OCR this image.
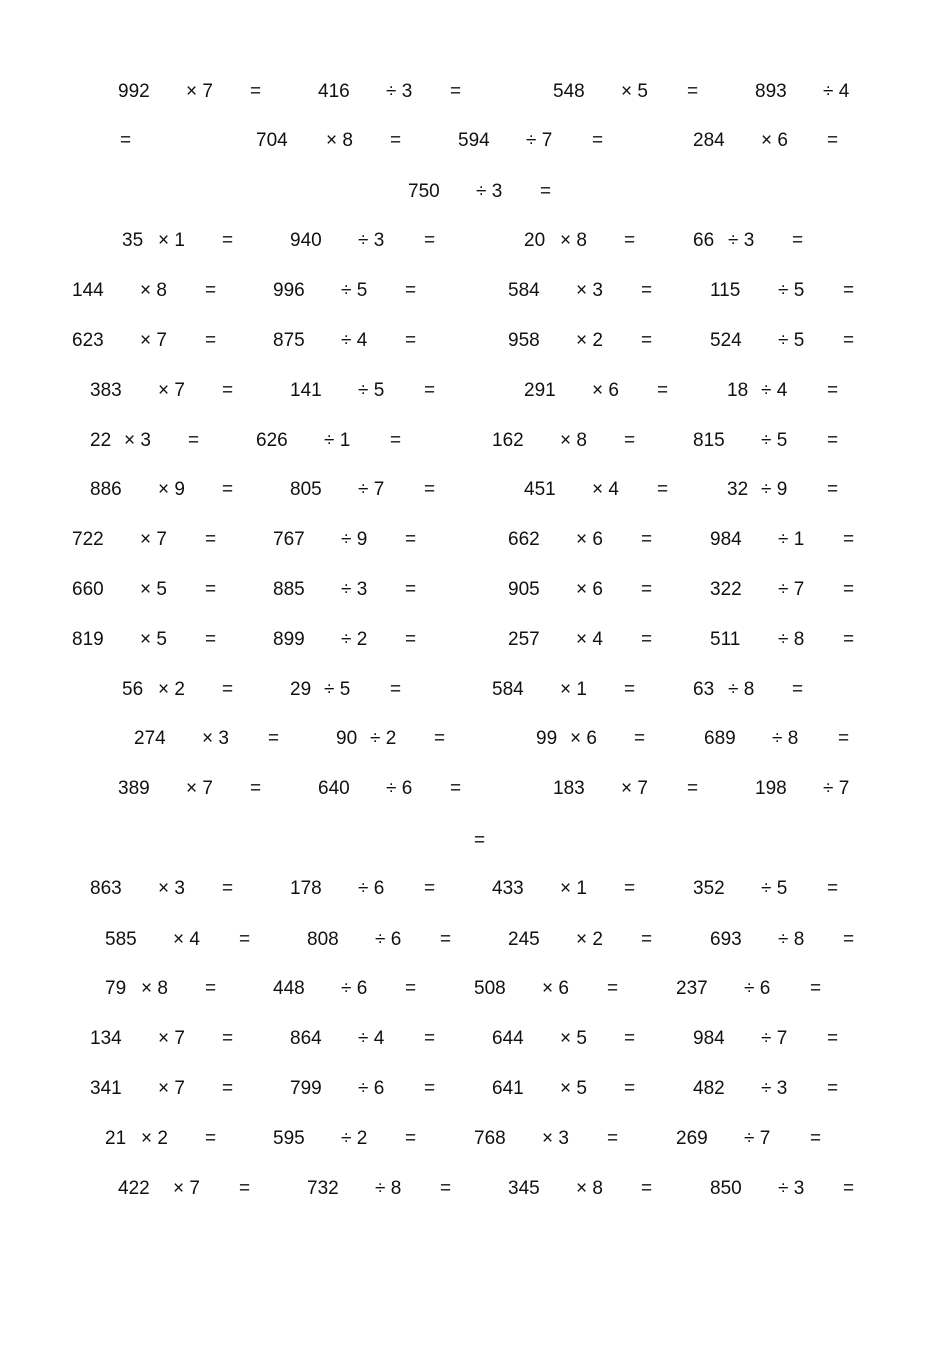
992 × 7 =	416 ÷ 3 =	548 × 5 =	893 ÷ 4
=	704 × 8 =	594 ÷ 7 =	284 × 6 =
750 ÷ 3 =
35 × 1 =	940 ÷ 3 =	20 × 8 =	66 ÷ 3 =
144 × 8 =	996 ÷ 5 =	584 × 3 =	115 ÷ 5 =
623 × 7 =	875 ÷ 4 =	958 × 2 =	524 ÷ 5 =
383 × 7 =	141 ÷ 5 =	291 × 6 =	18 ÷ 4 =
22 × 3 =	626 ÷ 1 =	162 × 8 =	815 ÷ 5 =
886 × 9 =	805 ÷ 7 =	451 × 4 =	32 ÷ 9 =
722 × 7 =	767 ÷ 9 =	662 × 6 =	984 ÷ 1 =
660 × 5 =	885 ÷ 3 =	905 × 6 =	322 ÷ 7 =
819 × 5 =	899 ÷ 2 =	257 × 4 =	511 ÷ 8 =
56 × 2 =	29 ÷ 5 =	584 × 1 =	63 ÷ 8 =
274 × 3 =	90 ÷ 2 =	99 × 6 =	689 ÷ 8 =
389 × 7 =	640 ÷ 6 =	183 × 7 =	198 ÷ 7
=
863 × 3 =	178 ÷ 6 =	433 × 1 =	352 ÷ 5 =
585 × 4 =	808 ÷ 6 =	245 × 2 =	693 ÷ 8 =
79 × 8 =	448 ÷ 6 =	508 × 6 =	237 ÷ 6 =
134 × 7 =	864 ÷ 4 =	644 × 5 =	984 ÷ 7 =
341 × 7 =	799 ÷ 6 =	641 × 5 =	482 ÷ 3 =
21 × 2 =	595 ÷ 2 =	768 × 3 =	269 ÷ 7 =
422 × 7 =	732 ÷ 8 =	345 × 8 =	850 ÷ 3 =
